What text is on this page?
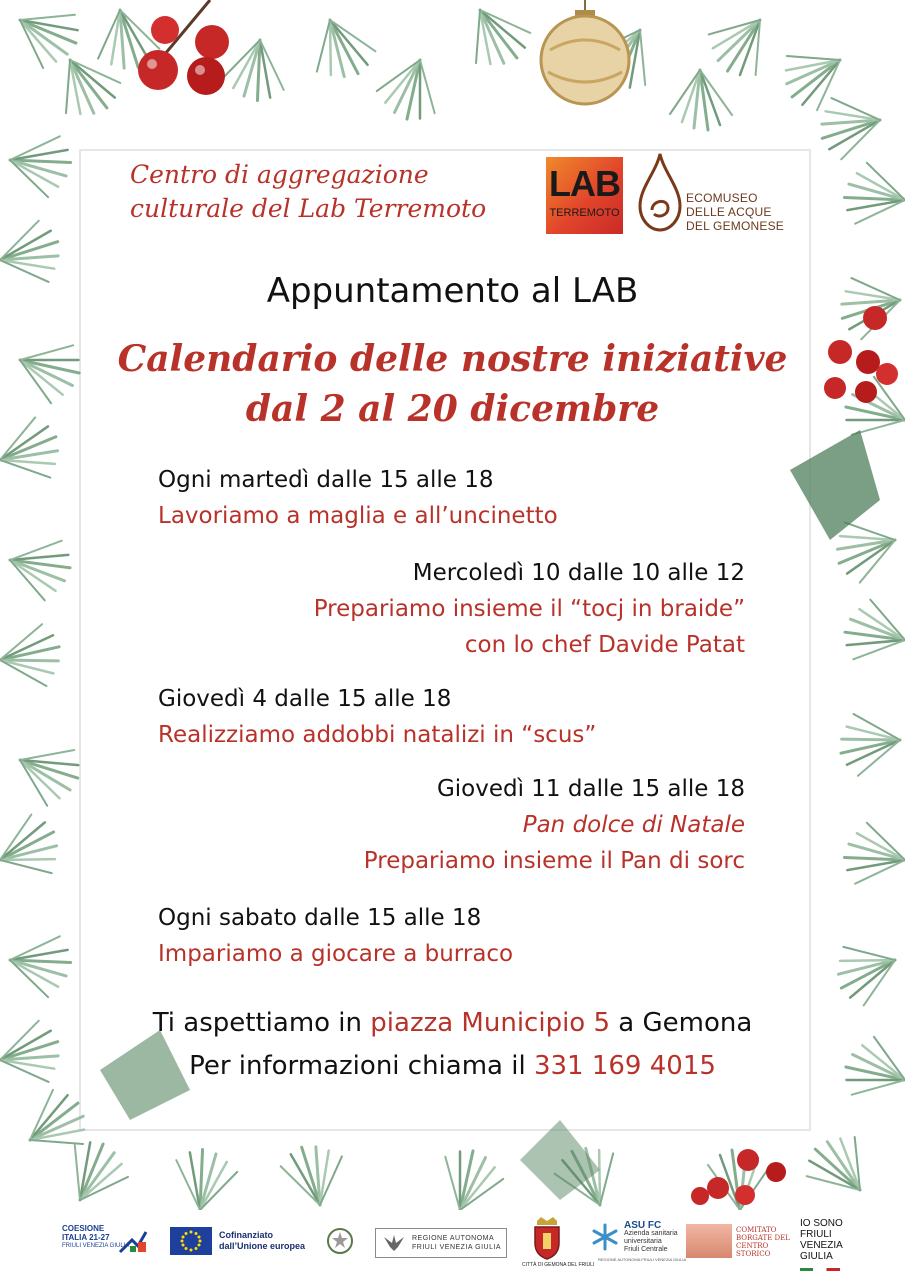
Centro di aggregazione
culturale del Lab Terremoto
LAB
TERREMOTO
ECOMUSEO
DELLE ACQUE
DEL GEMONESE
Appuntamento al LAB
Calendario delle nostre iniziative
dal 2 al 20 dicembre
Ogni martedì dalle 15 alle 18
Lavoriamo a maglia e all’uncinetto
Mercoledì 10 dalle 10 alle 12
Prepariamo insieme il “tocj in braide”
con lo chef Davide Patat
Giovedì 4 dalle 15 alle 18
Realizziamo addobbi natalizi in “scus”
Giovedì 11 dalle 15 alle 18
Pan dolce di Natale
Prepariamo insieme il Pan di sorc
Ogni sabato dalle 15 alle 18
Impariamo a giocare a burraco
Ti aspettiamo in piazza Municipio 5 a Gemona
Per informazioni chiama il 331 169 4015
COESIONE
ITALIA 21-27
FRIULI VENEZIA GIULIA
Cofinanziato
dall’Unione europea
REGIONE AUTONOMA
FRIULI VENEZIA GIULIA
CITTÀ DI GEMONA DEL FRIULI
ASU FC
Azienda sanitaria
universitaria
Friuli Centrale
REGIONE AUTONOMA FRIULI VENEZIA GIULIA
COMITATO
BORGATE DEL
CENTRO
STORICO
IO SONO
FRIULI
VENEZIA
GIULIA
